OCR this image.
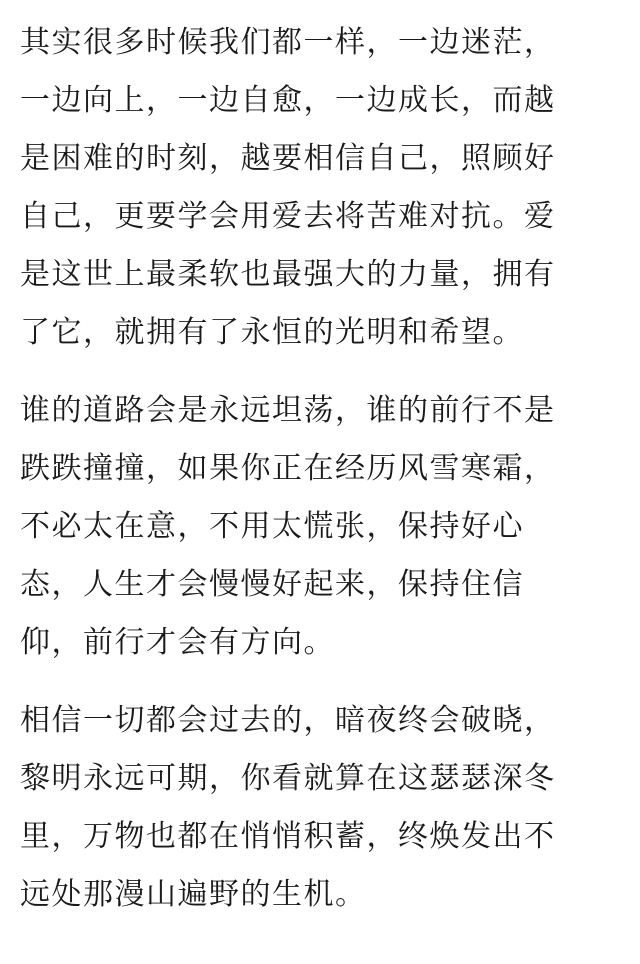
其实很多时候我们都一样，一边迷茫，
一边向上，一边自愈，一边成长，而越
是困难的时刻，越要相信自己，照顾好
自己，更要学会用爱去将苦难对抗。爱
是这世上最柔软也最强大的力量，拥有
了它，就拥有了永恒的光明和希望。
谁的道路会是永远坦荡，谁的前行不是
跌跌撞撞，如果你正在经历风雪寒霜，
不必太在意，不用太慌张，保持好心
态，人生才会慢慢好起来，保持住信
仰，前行才会有方向。
相信一切都会过去的，暗夜终会破晓，
黎明永远可期，你看就算在这瑟瑟深冬
里，万物也都在悄悄积蓄，终焕发出不
远处那漫山遍野的生机。
